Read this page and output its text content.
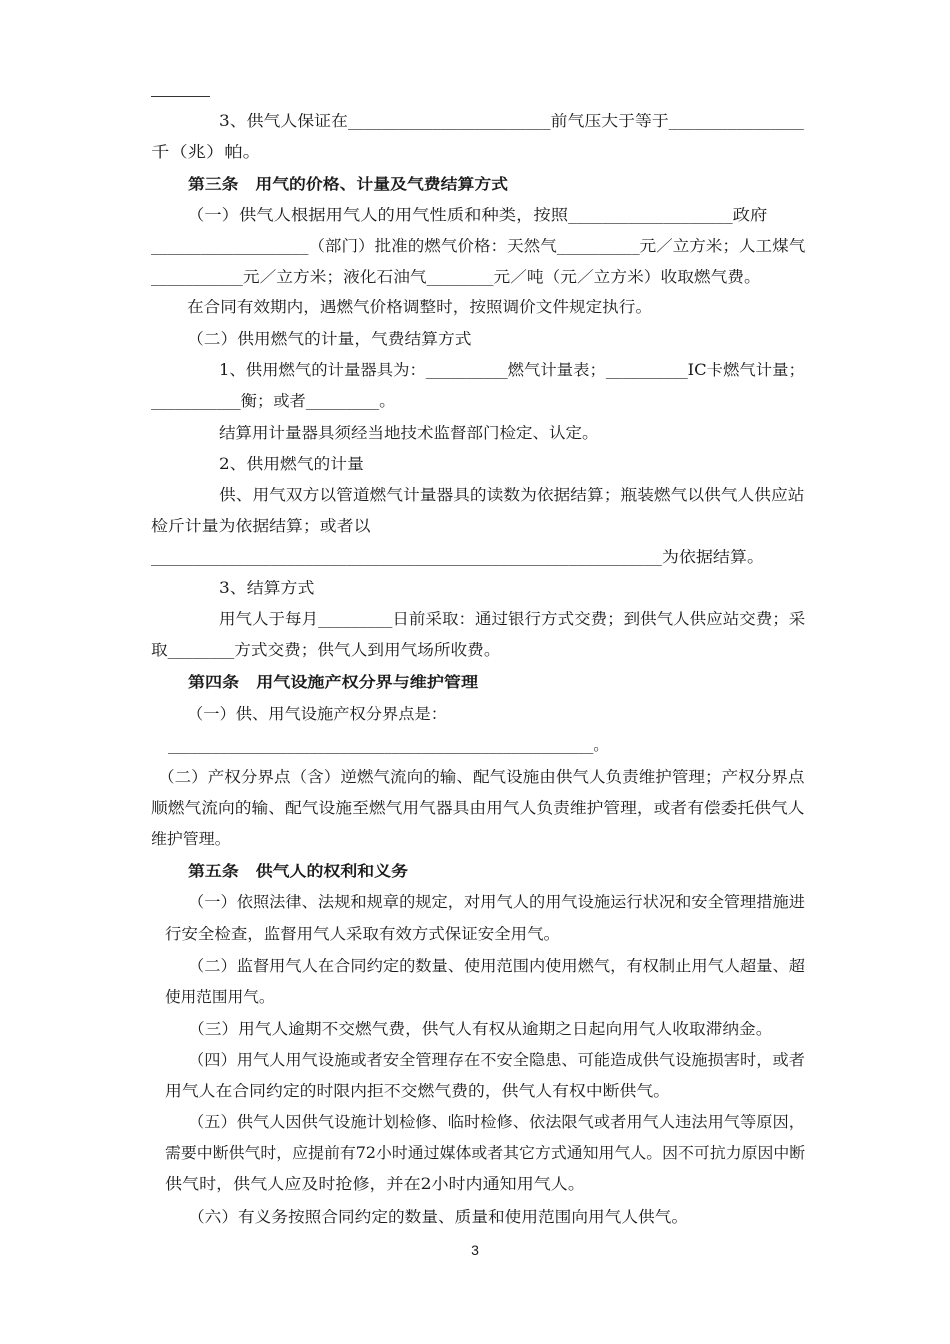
3、供气人保证在________________________前气压大于等于________________

千（兆）帕。

第三条　用气的价格、计量及气费结算方式

（一）供气人根据用气人的用气性质和种类，按照___________________政府

___________________（部门）批准的燃气价格：天然气__________元／立方米；人工煤气

___________元／立方米；液化石油气________元／吨（元／立方米）收取燃气费。

在合同有效期内，遇燃气价格调整时，按照调价文件规定执行。

（二）供用燃气的计量，气费结算方式

1、供用燃气的计量器具为：__________燃气计量表；__________IC卡燃气计量；

___________衡；或者_________。

结算用计量器具须经当地技术监督部门检定、认定。

2、供用燃气的计量

供、用气双方以管道燃气计量器具的读数为依据结算；瓶装燃气以供气人供应站

检斤计量为依据结算；或者以

____________________________________________________________为依据结算。

3、结算方式

用气人于每月_________日前采取：通过银行方式交费；到供气人供应站交费；采

取________方式交费；供气人到用气场所收费。

第四条　用气设施产权分界与维护管理

（一）供、用气设施产权分界点是：

_________________________________________________________。

（二）产权分界点（含）逆燃气流向的输、配气设施由供气人负责维护管理；产权分界点

顺燃气流向的输、配气设施至燃气用气器具由用气人负责维护管理，或者有偿委托供气人

维护管理。

第五条　供气人的权利和义务

（一）依照法律、法规和规章的规定，对用气人的用气设施运行状况和安全管理措施进

行安全检查，监督用气人采取有效方式保证安全用气。

（二）监督用气人在合同约定的数量、使用范围内使用燃气，有权制止用气人超量、超

使用范围用气。

（三）用气人逾期不交燃气费，供气人有权从逾期之日起向用气人收取滞纳金。

（四）用气人用气设施或者安全管理存在不安全隐患、可能造成供气设施损害时，或者

用气人在合同约定的时限内拒不交燃气费的，供气人有权中断供气。

（五）供气人因供气设施计划检修、临时检修、依法限气或者用气人违法用气等原因，

需要中断供气时，应提前有72小时通过媒体或者其它方式通知用气人。因不可抗力原因中断

供气时，供气人应及时抢修，并在2小时内通知用气人。

（六）有义务按照合同约定的数量、质量和使用范围向用气人供气。

3
